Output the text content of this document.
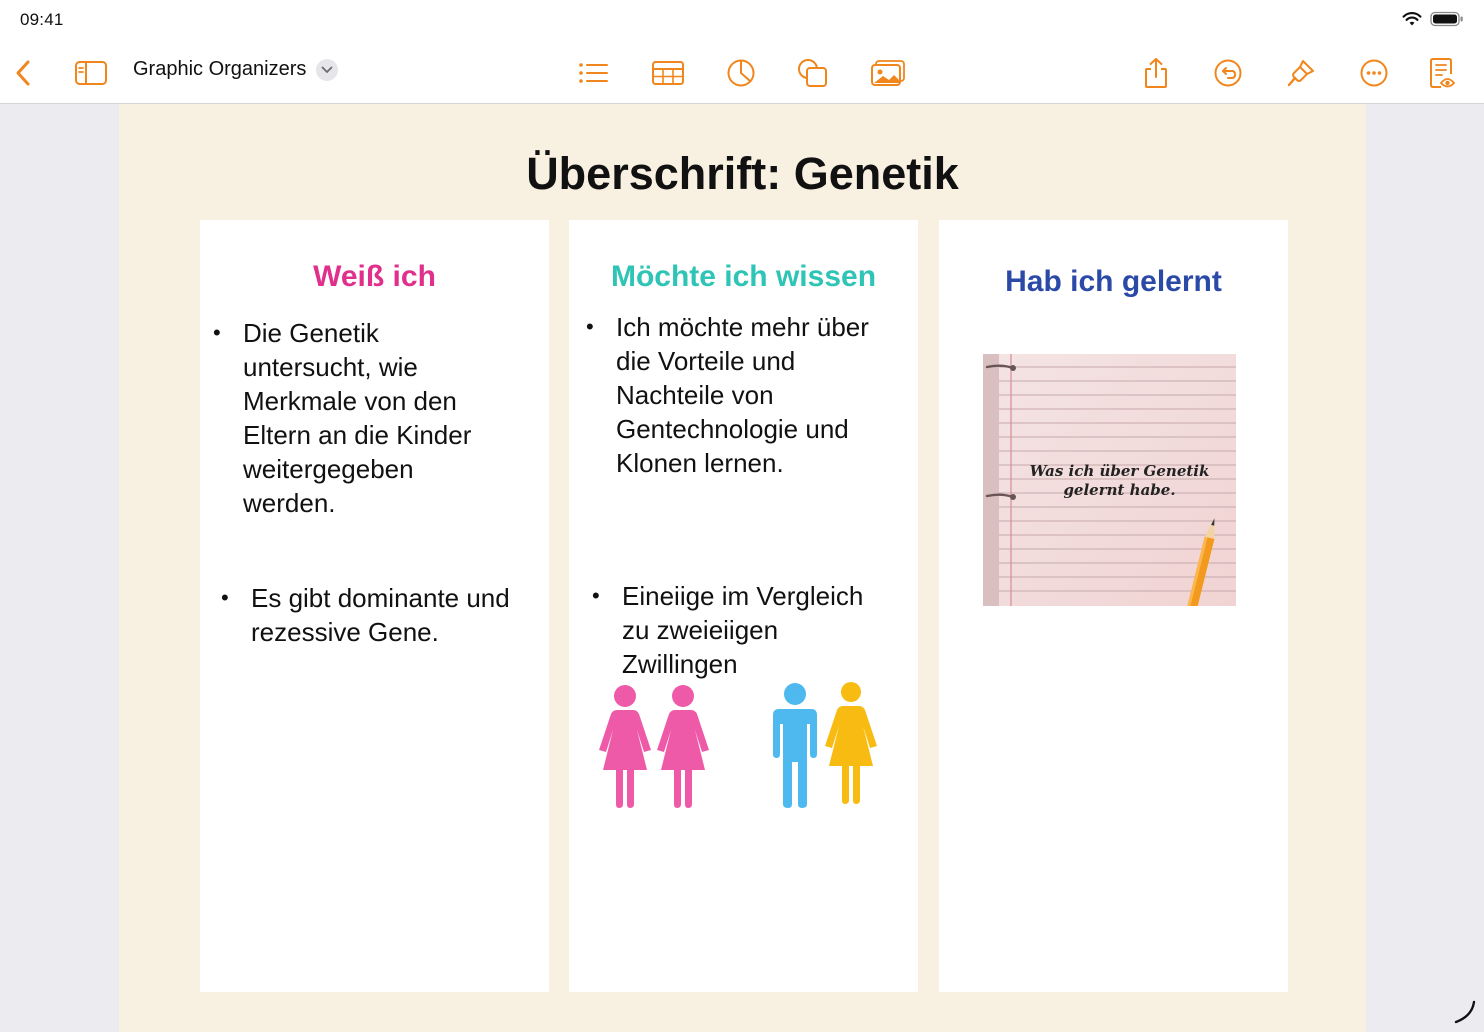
09:41
Graphic Organizers
Überschrift: Genetik
Weiß ich
• Die Genetik untersucht, wie Merkmale von den Eltern an die Kinder weitergegeben werden.
• Es gibt dominante und rezessive Gene.
Möchte ich wissen
• Ich möchte mehr über die Vorteile und Nachteile von Gentechnologie und Klonen lernen.
• Eineiige im Vergleich zu zweieiigen Zwillingen
Hab ich gelernt
Was ich über Genetik gelernt habe.
